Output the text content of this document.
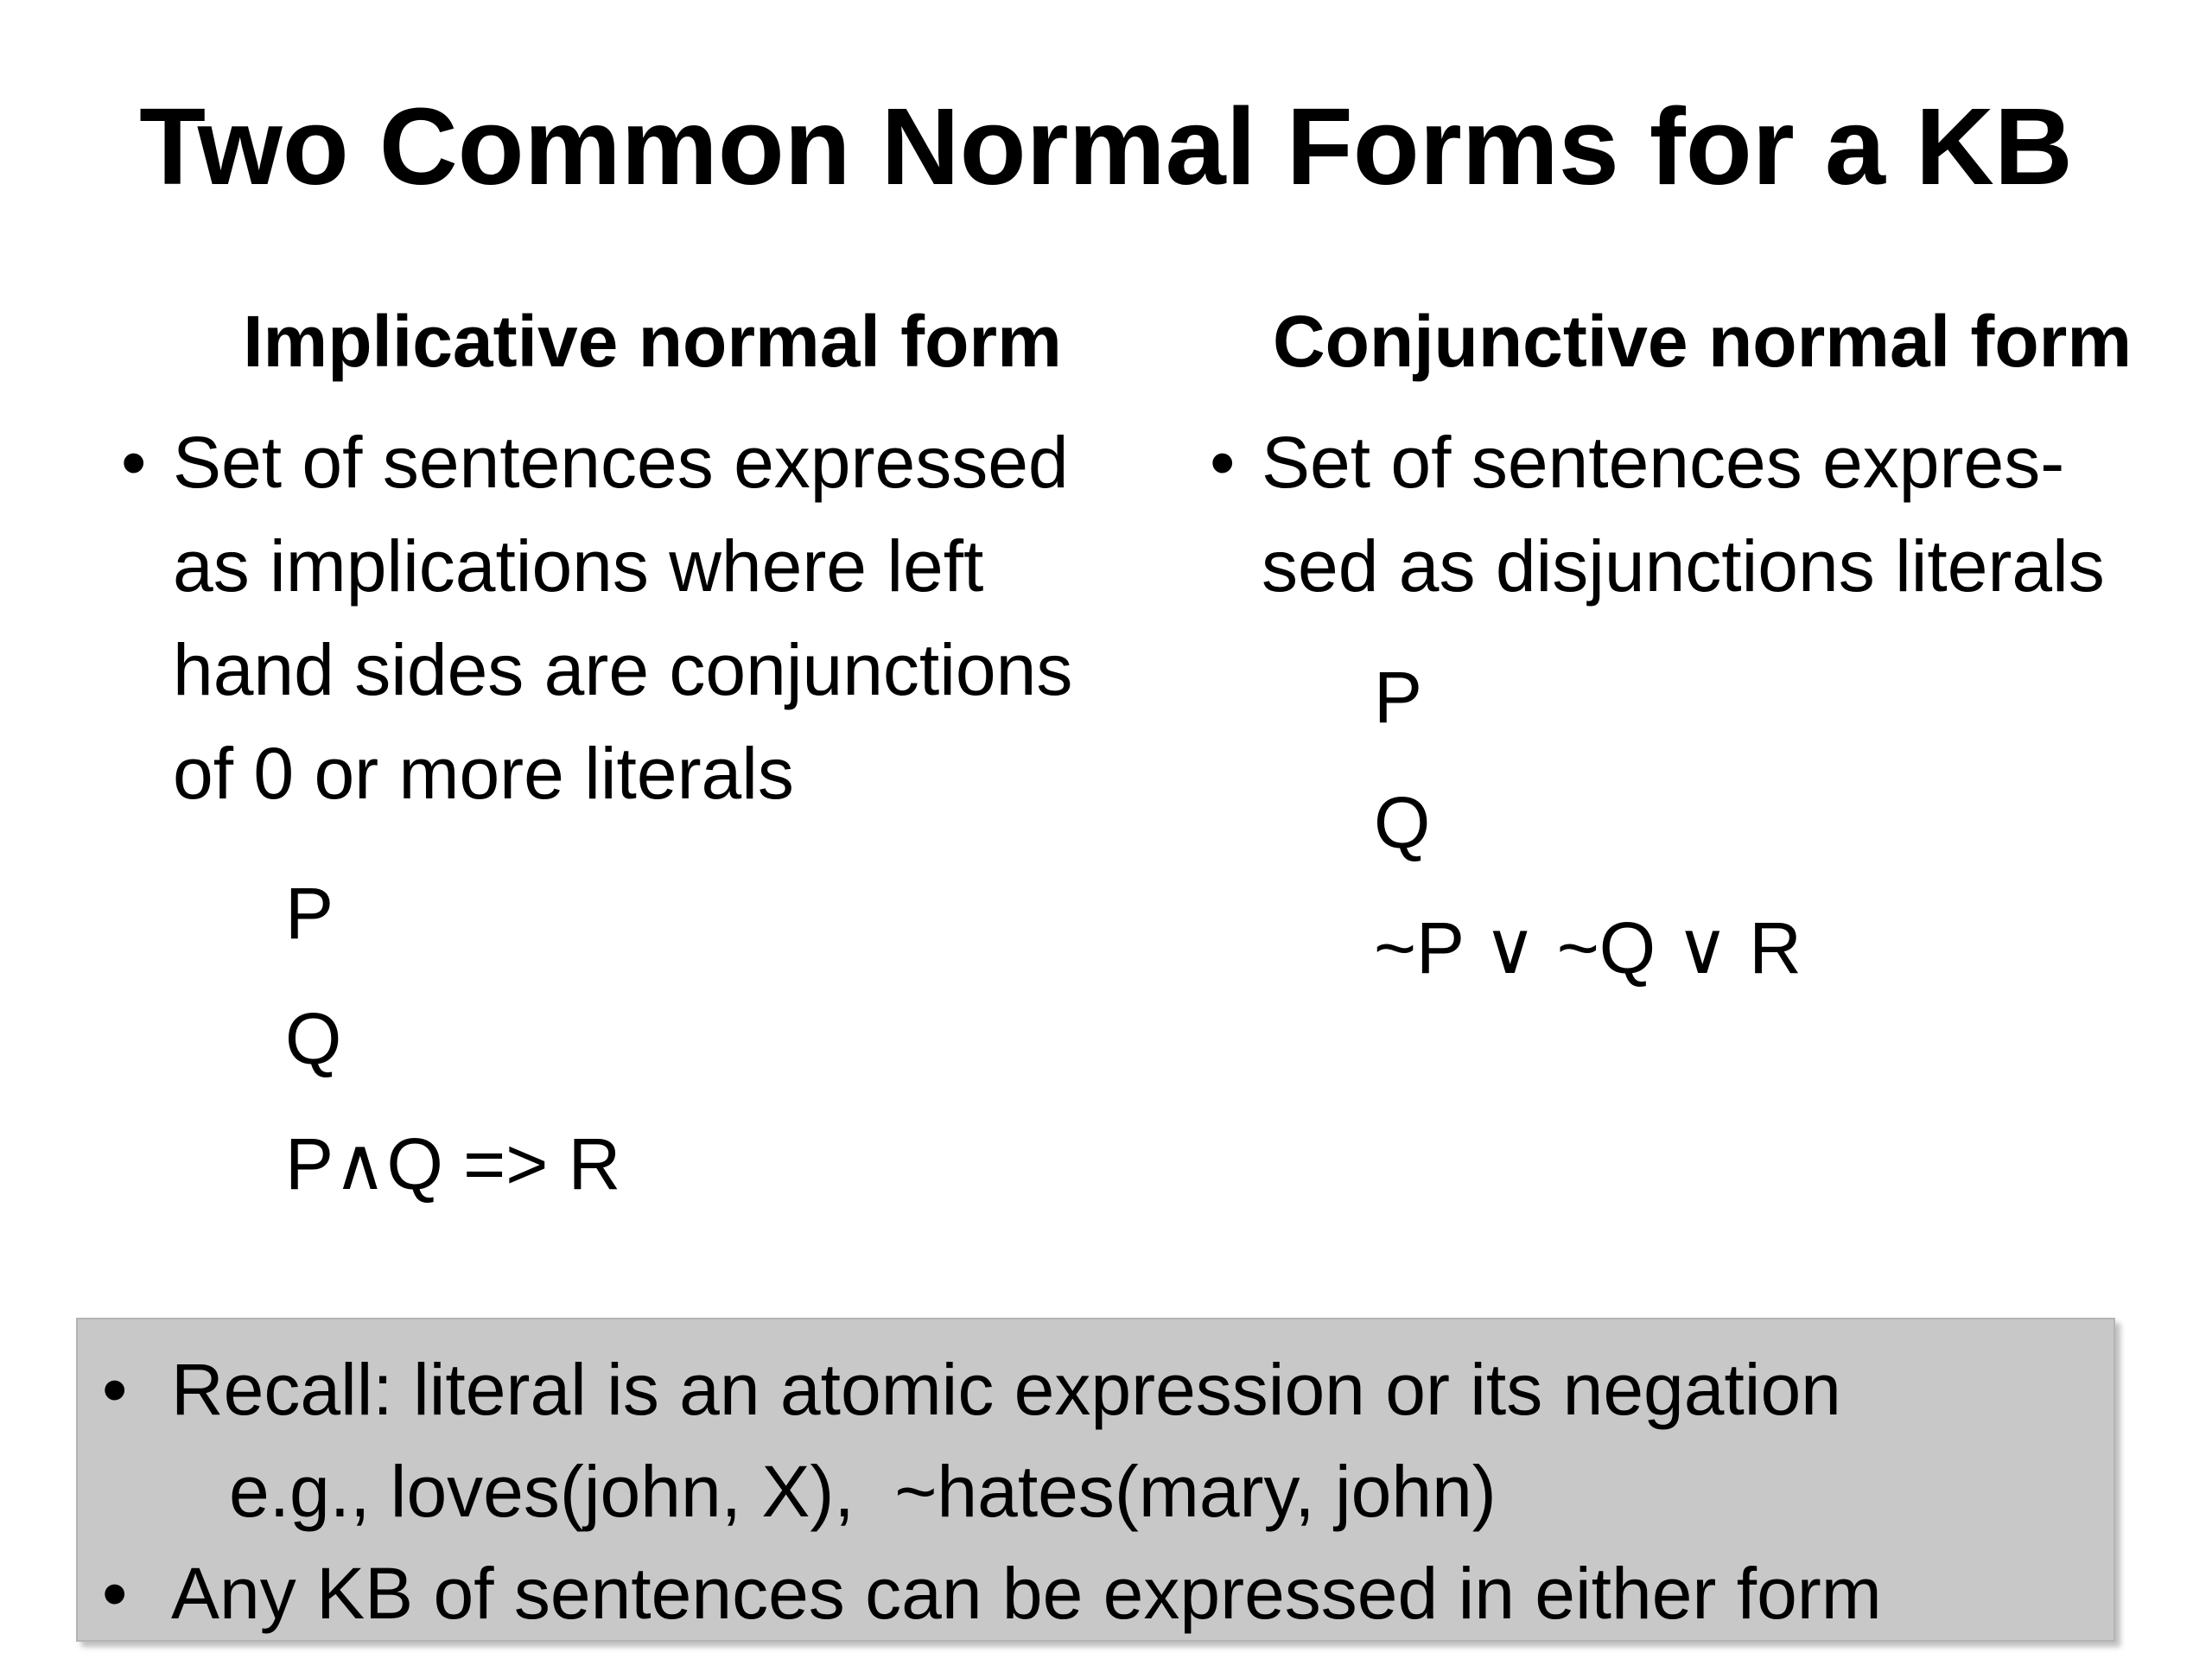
Two Common Normal Forms for a KB
Implicative normal form
• Set of sentences expressed
as implications where left
hand sides are conjunctions
of 0 or more literals
P
Q
P∧Q => R
Conjunctive normal form
• Set of sentences expres-
sed as disjunctions literals
P
Q
~P ∨ ~Q ∨ R
• Recall: literal is an atomic expression or its negation
e.g., loves(john, X),  ~hates(mary, john)
• Any KB of sentences can be expressed in either form
